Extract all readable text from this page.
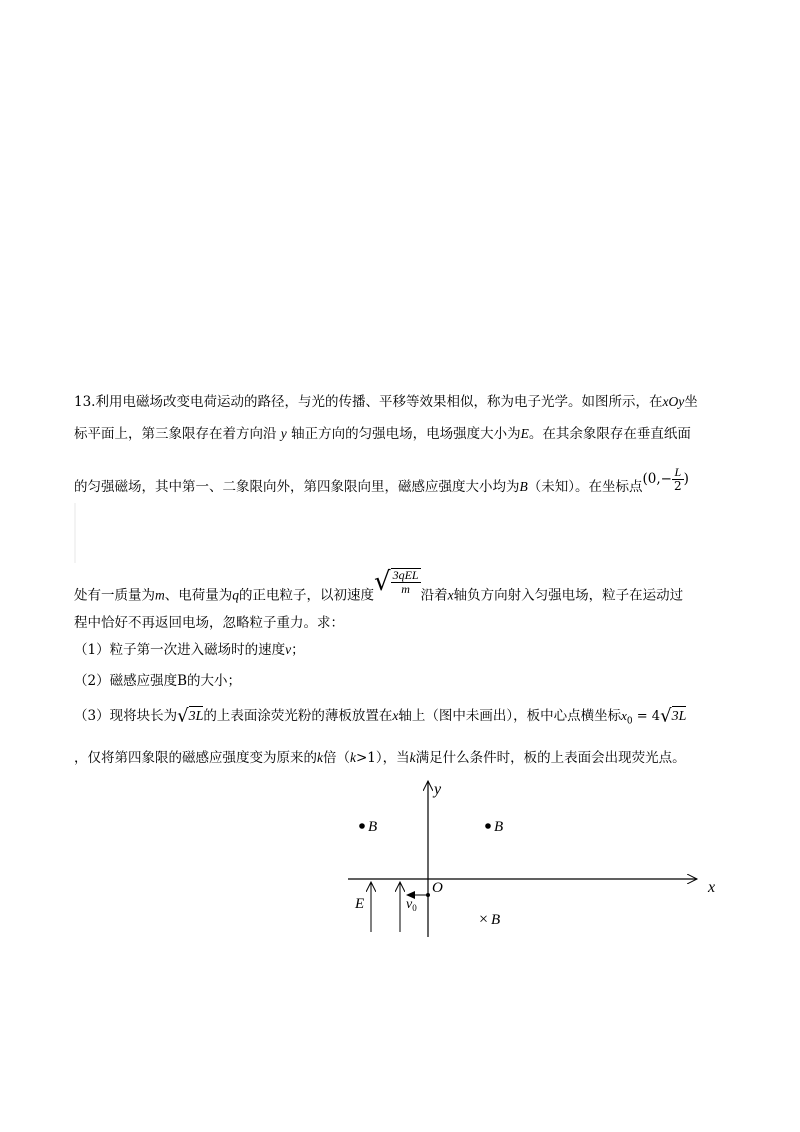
13.利用电磁场改变电荷运动的路径，与光的传播、平移等效果相似，称为电子光学。如图所示，在xOy坐
标平面上，第三象限存在着方向沿 y 轴正方向的匀强电场，电场强度大小为E。在其余象限存在垂直纸面
的匀强磁场，其中第一、二象限向外，第四象限向里，磁感应强度大小均为B（未知）。在坐标点($0,- \frac{L}{2}$ )
处有一质量为m、电荷量为q的正电粒子，以初速度√ $\frac{\text{3qEL}}{m}$ 沿着x轴负方向射入匀强电场，粒子在运动过
程中恰好不再返回电场，忽略粒子重力。求：
（1）粒子第一次进入磁场时的速度v；
（2）磁感应强度B的大小；
（3）现将块长为√3L的上表面涂荧光粉的薄板放置在x轴上（图中未画出），板中心点横坐标$x_0 = 4√3L$
，仅将第四象限的磁感应强度变为原来的k倍（k>1），当k满足什么条件时，板的上表面会出现荧光点。
y
x
O
B	B
× B
E	$v_0$
